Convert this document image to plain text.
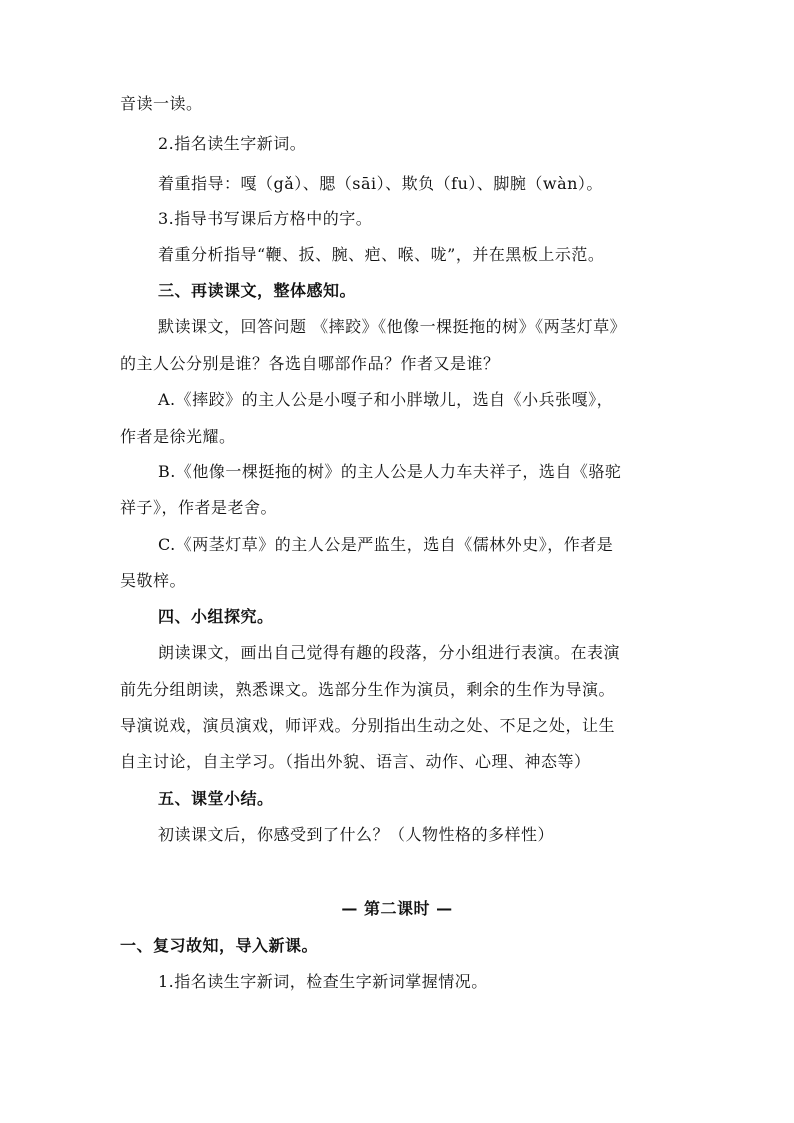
音读一读。
2.指名读生字新词。
着重指导：嘎（gǎ）、腮（sāi）、欺负（fu）、脚腕（wàn）。
3.指导书写课后方格中的字。
着重分析指导“鞭、扳、腕、疤、喉、咙”，并在黑板上示范。
三、再读课文，整体感知。
默读课文，回答问题 《摔跤》《他像一棵挺拖的树》《两茎灯草》
的主人公分别是谁？各选自哪部作品？作者又是谁？
A.《摔跤》的主人公是小嘎子和小胖墩儿，选自《小兵张嘎》，
作者是徐光耀。
B.《他像一棵挺拖的树》的主人公是人力车夫祥子，选自《骆驼
祥子》，作者是老舍。
C.《两茎灯草》的主人公是严监生，选自《儒林外史》，作者是
吴敬梓。
四、小组探究。
朗读课文，画出自己觉得有趣的段落，分小组进行表演。在表演
前先分组朗读，熟悉课文。选部分生作为演员，剩余的生作为导演。
导演说戏，演员演戏，师评戏。分别指出生动之处、不足之处，让生
自主讨论，自主学习。（指出外貌、语言、动作、心理、神态等）
五、课堂小结。
初读课文后，你感受到了什么？（人物性格的多样性）
— 第二课时 —
一、复习故知，导入新课。
1.指名读生字新词，检查生字新词掌握情况。
